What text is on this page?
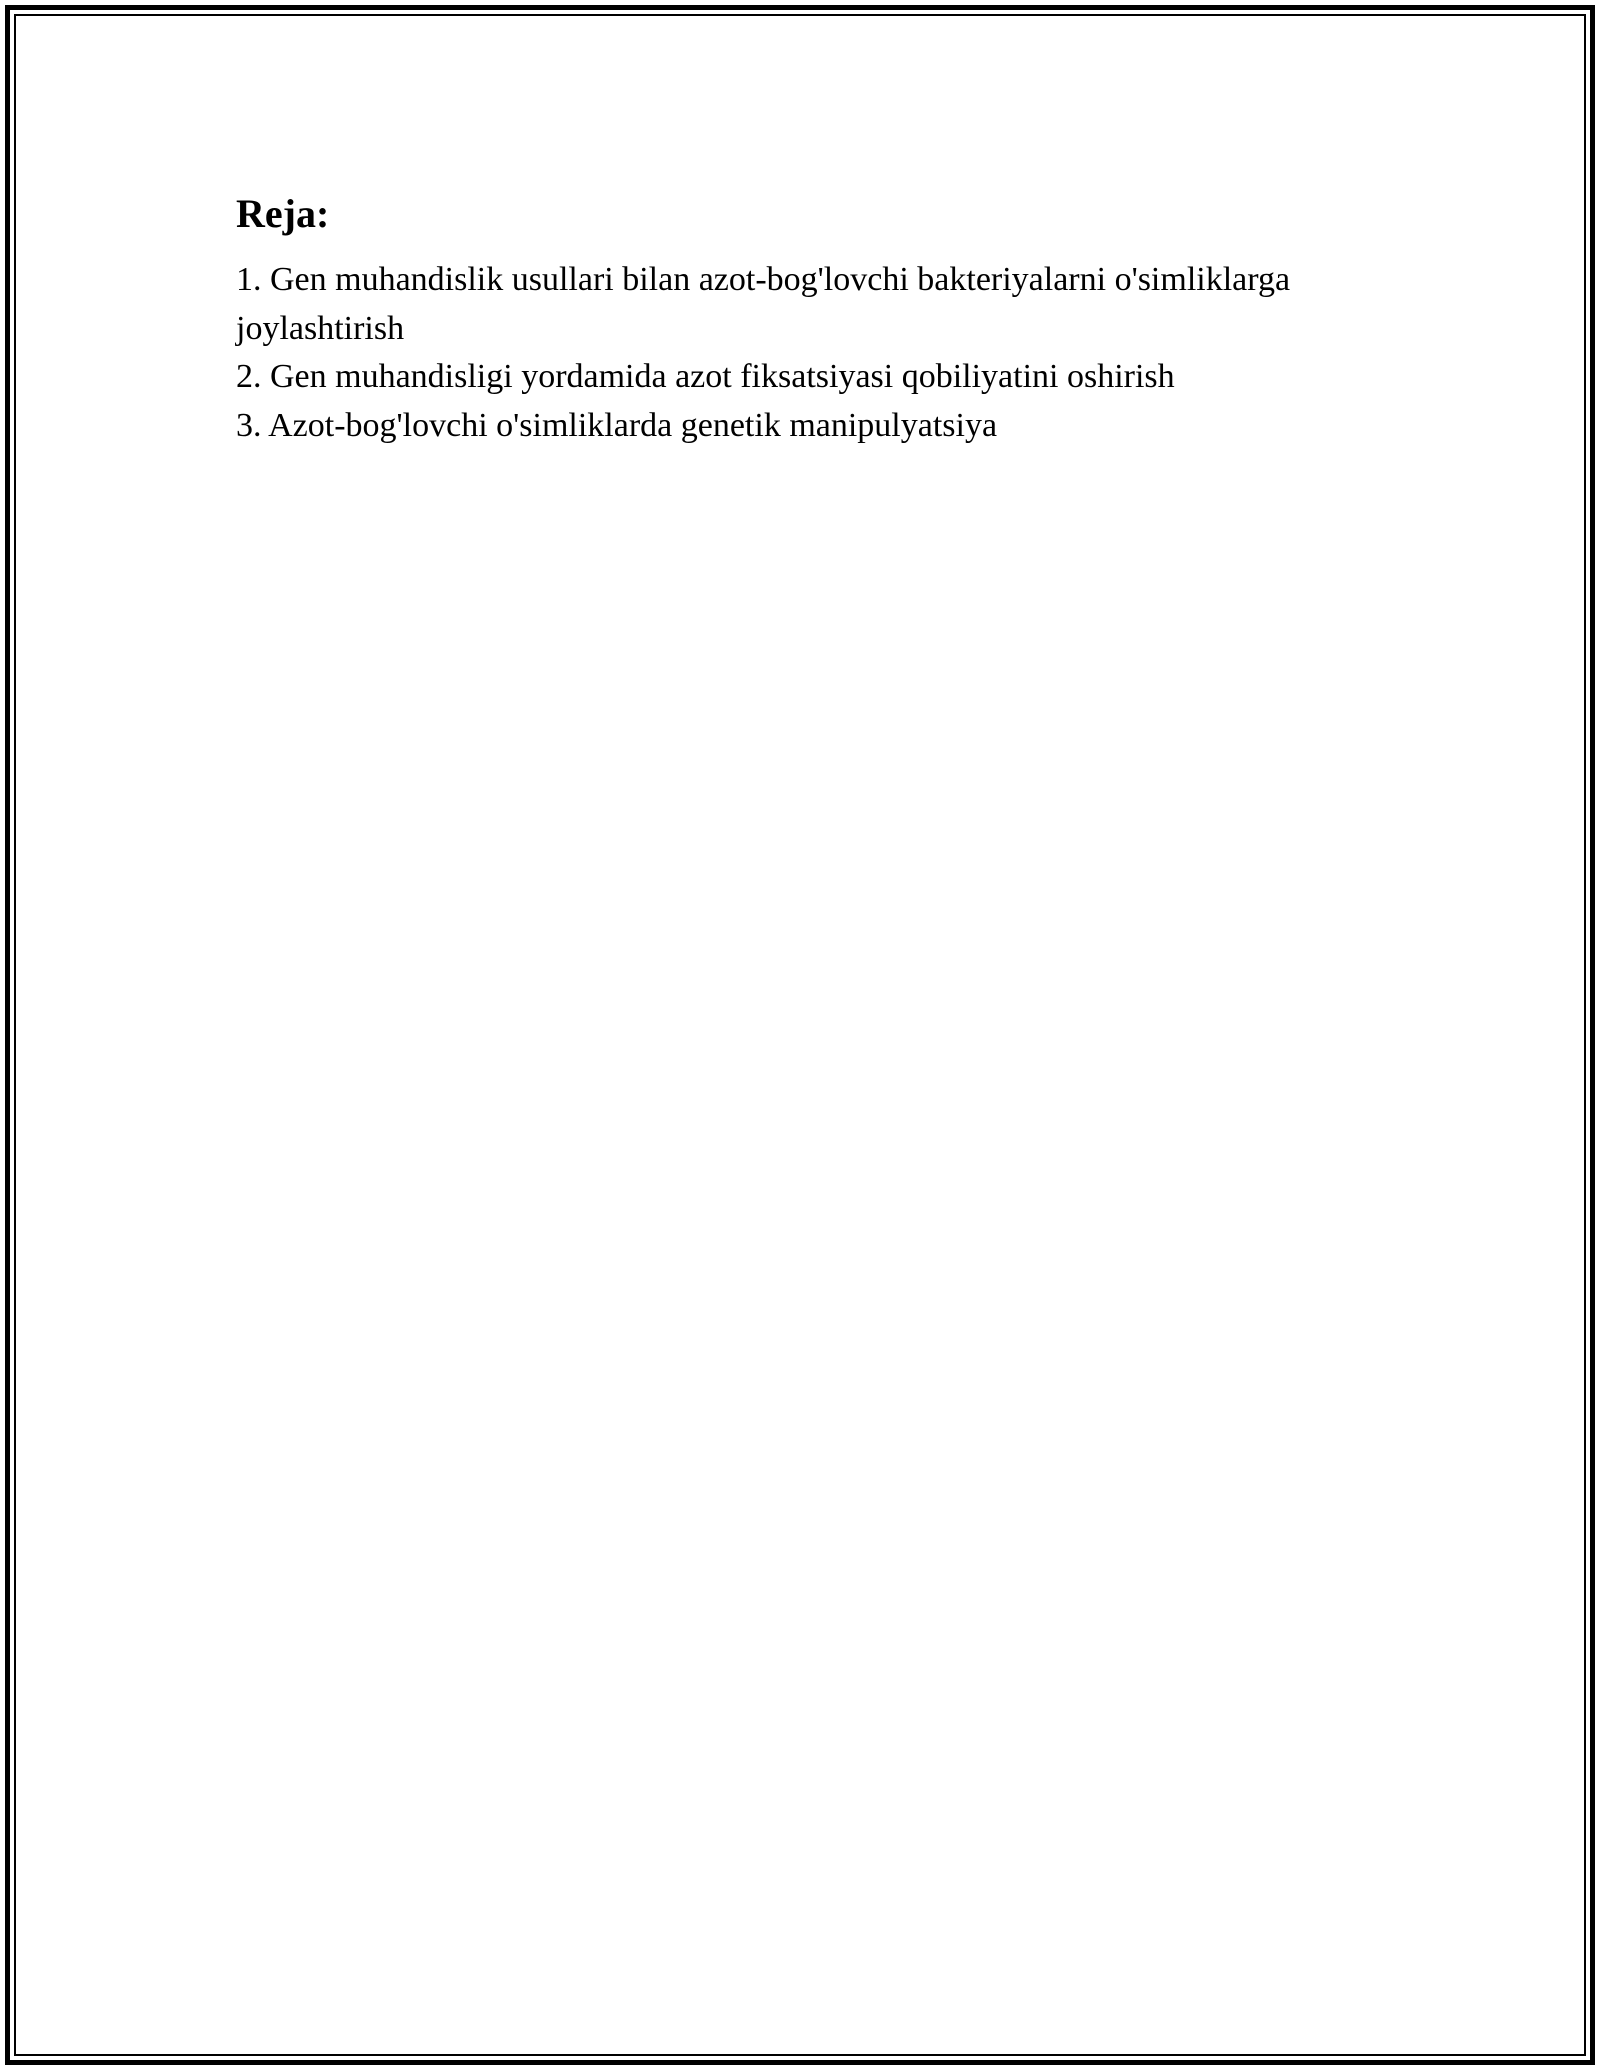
Reja:
1. Gen muhandislik usullari bilan azot-bog'lovchi bakteriyalarni o'simliklarga joylashtirish
2. Gen muhandisligi yordamida azot fiksatsiyasi qobiliyatini oshirish
3. Azot-bog'lovchi o'simliklarda genetik manipulyatsiya
